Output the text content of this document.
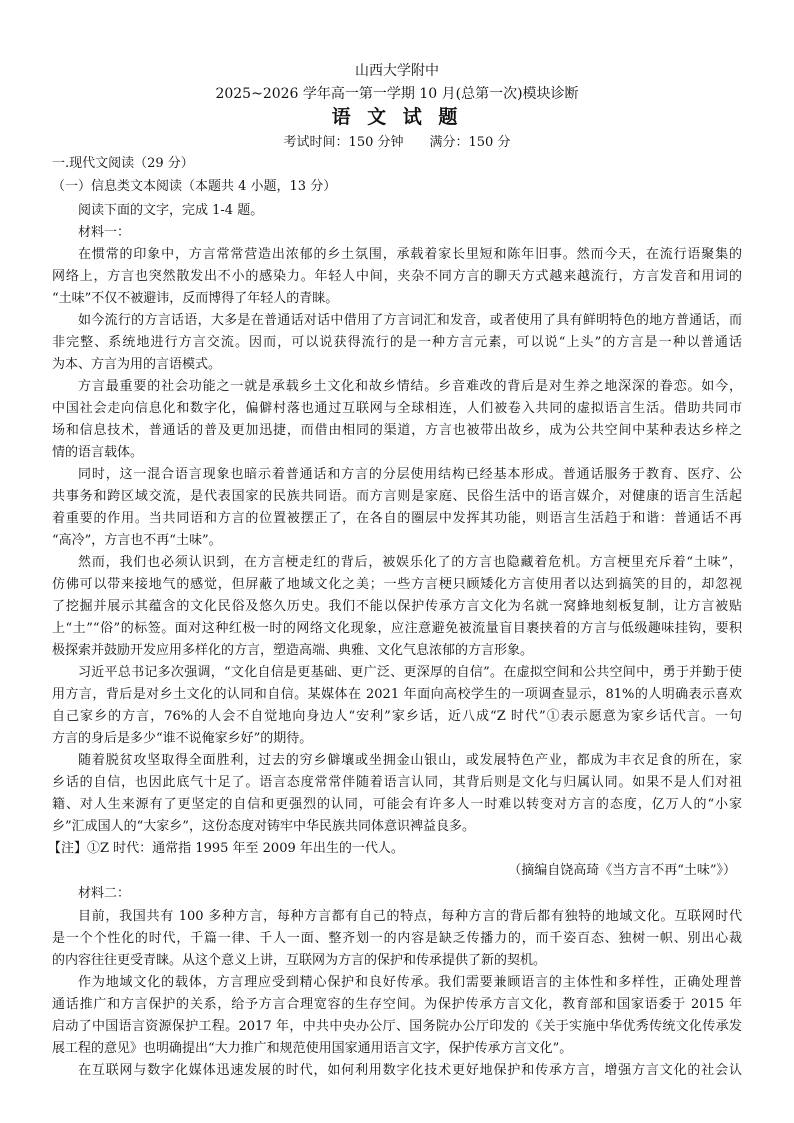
山西大学附中
2025~2026 学年高一第一学期 10 月(总第一次)模块诊断
语 文 试 题
考试时间：150 分钟　　满分：150 分
一.现代文阅读（29 分）
（一）信息类文本阅读（本题共 4 小题，13 分）
阅读下面的文字，完成 1-4 题。
材料一：
在惯常的印象中，方言常常营造出浓郁的乡土氛围，承载着家长里短和陈年旧事。然而今天，在流行语聚集的
网络上，方言也突然散发出不小的感染力。年轻人中间，夹杂不同方言的聊天方式越来越流行，方言发音和用词的
“土味”不仅不被避讳，反而博得了年轻人的青睐。
如今流行的方言话语，大多是在普通话对话中借用了方言词汇和发音，或者使用了具有鲜明特色的地方普通话，而
非完整、系统地进行方言交流。因而，可以说获得流行的是一种方言元素，可以说“上头”的方言是一种以普通话
为本、方言为用的言语模式。
方言最重要的社会功能之一就是承载乡土文化和故乡情结。乡音难改的背后是对生养之地深深的眷恋。如今，
中国社会走向信息化和数字化，偏僻村落也通过互联网与全球相连，人们被卷入共同的虚拟语言生活。借助共同市
场和信息技术，普通话的普及更加迅捷，而借由相同的渠道，方言也被带出故乡，成为公共空间中某种表达乡梓之
情的语言载体。
同时，这一混合语言现象也暗示着普通话和方言的分层使用结构已经基本形成。普通话服务于教育、医疗、公
共事务和跨区域交流，是代表国家的民族共同语。而方言则是家庭、民俗生活中的语言媒介，对健康的语言生活起
着重要的作用。当共同语和方言的位置被摆正了，在各自的圈层中发挥其功能，则语言生活趋于和谐：普通话不再
“高冷”，方言也不再“土味”。
然而，我们也必须认识到，在方言梗走红的背后，被娱乐化了的方言也隐藏着危机。方言梗里充斥着“土味”，
仿佛可以带来接地气的感觉，但屏蔽了地域文化之美；一些方言梗只顾矮化方言使用者以达到搞笑的目的，却忽视
了挖掘并展示其蕴含的文化民俗及悠久历史。我们不能以保护传承方言文化为名就一窝蜂地刻板复制，让方言被贴
上“土”“俗”的标签。面对这种红极一时的网络文化现象，应注意避免被流量盲目裹挟着的方言与低级趣味挂钩，要积
极探索并鼓励开发应用多样化的方言，塑造高端、典雅、文化气息浓郁的方言形象。
习近平总书记多次强调，“文化自信是更基础、更广泛、更深厚的自信”。在虚拟空间和公共空间中，勇于并勤于使
用方言，背后是对乡土文化的认同和自信。某媒体在 2021 年面向高校学生的一项调查显示，81%的人明确表示喜欢
自己家乡的方言，76%的人会不自觉地向身边人“安利”家乡话，近八成“Z 时代”①表示愿意为家乡话代言。一句
方言的身后是多少“谁不说俺家乡好”的期待。
随着脱贫攻坚取得全面胜利，过去的穷乡僻壤或坐拥金山银山，或发展特色产业，都成为丰衣足食的所在，家
乡话的自信，也因此底气十足了。语言态度常常伴随着语言认同，其背后则是文化与归属认同。如果不是人们对祖
籍、对人生来源有了更坚定的自信和更强烈的认同，可能会有许多人一时难以转变对方言的态度，亿万人的“小家
乡”汇成国人的“大家乡”，这份态度对铸牢中华民族共同体意识裨益良多。
【注】①Z 时代：通常指 1995 年至 2009 年出生的一代人。
（摘编自饶高琦《当方言不再“土味”》）
材料二：
目前，我国共有 100 多种方言，每种方言都有自己的特点，每种方言的背后都有独特的地域文化。互联网时代
是一个个性化的时代，千篇一律、千人一面、整齐划一的内容是缺乏传播力的，而千姿百态、独树一帜、别出心裁
的内容往往更受青睐。从这个意义上讲，互联网为方言的保护和传承提供了新的契机。
作为地域文化的载体，方言理应受到精心保护和良好传承。我们需要兼顾语言的主体性和多样性，正确处理普
通话推广和方言保护的关系，给予方言合理宽容的生存空间。为保护传承方言文化，教育部和国家语委于 2015 年
启动了中国语言资源保护工程。2017 年，中共中央办公厅、国务院办公厅印发的《关于实施中华优秀传统文化传承发
展工程的意见》也明确提出“大力推广和规范使用国家通用语言文字，保护传承方言文化”。
在互联网与数字化媒体迅速发展的时代，如何利用数字化技术更好地保护和传承方言，增强方言文化的社会认
